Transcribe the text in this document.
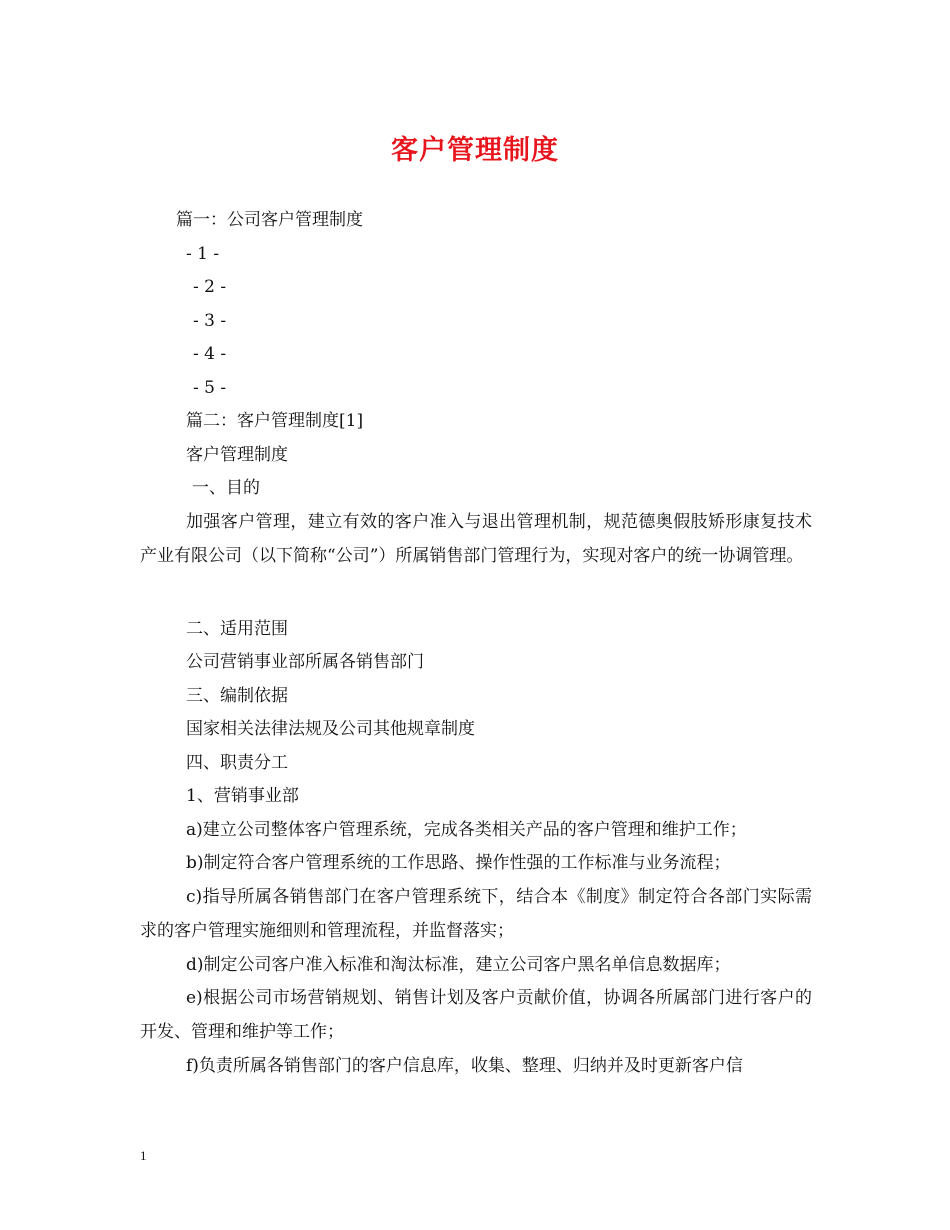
客户管理制度
篇一：公司客户管理制度
- 1 -
- 2 -
- 3 -
- 4 -
- 5 -
篇二：客户管理制度[1]
客户管理制度
一、目的
加强客户管理，建立有效的客户准入与退出管理机制，规范德奥假肢矫形康复技术产业有限公司（以下简称“公司”）所属销售部门管理行为，实现对客户的统一协调管理。
二、适用范围
公司营销事业部所属各销售部门
三、编制依据
国家相关法律法规及公司其他规章制度
四、职责分工
1、营销事业部
a)建立公司整体客户管理系统，完成各类相关产品的客户管理和维护工作；
b)制定符合客户管理系统的工作思路、操作性强的工作标准与业务流程；
c)指导所属各销售部门在客户管理系统下，结合本《制度》制定符合各部门实际需求的客户管理实施细则和管理流程，并监督落实；
d)制定公司客户准入标准和淘汰标准，建立公司客户黑名单信息数据库；
e)根据公司市场营销规划、销售计划及客户贡献价值，协调各所属部门进行客户的开发、管理和维护等工作；
f)负责所属各销售部门的客户信息库，收集、整理、归纳并及时更新客户信
1
